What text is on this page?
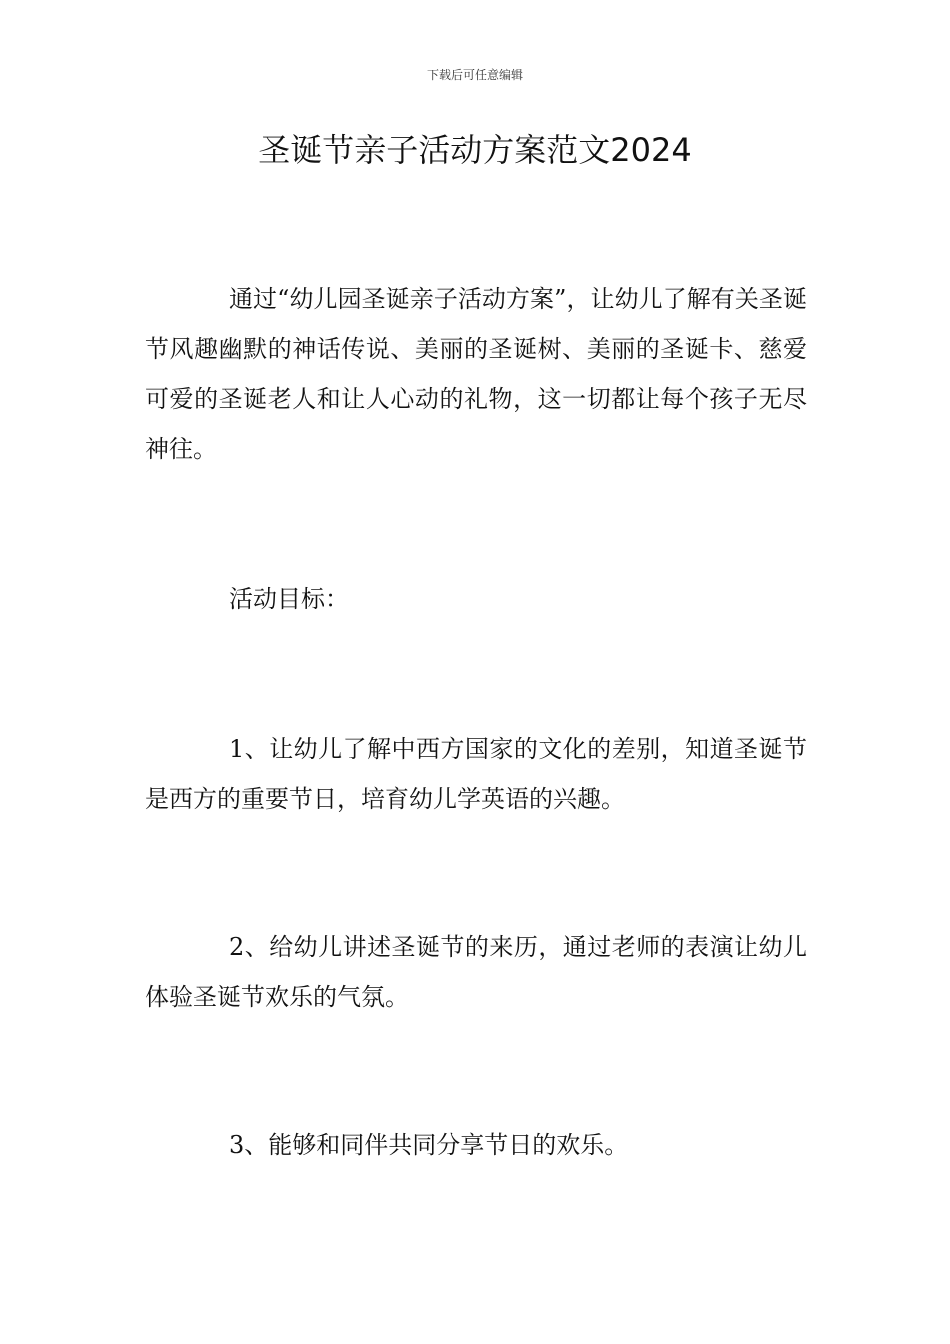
下载后可任意编辑
圣诞节亲子活动方案范文2024

通过“幼儿园圣诞亲子活动方案”，让幼儿了解有关圣诞节风趣幽默的神话传说、美丽的圣诞树、美丽的圣诞卡、慈爱可爱的圣诞老人和让人心动的礼物，这一切都让每个孩子无尽神往。

活动目标：

1、让幼儿了解中西方国家的文化的差别，知道圣诞节是西方的重要节日，培育幼儿学英语的兴趣。

2、给幼儿讲述圣诞节的来历，通过老师的表演让幼儿体验圣诞节欢乐的气氛。

3、能够和同伴共同分享节日的欢乐。
